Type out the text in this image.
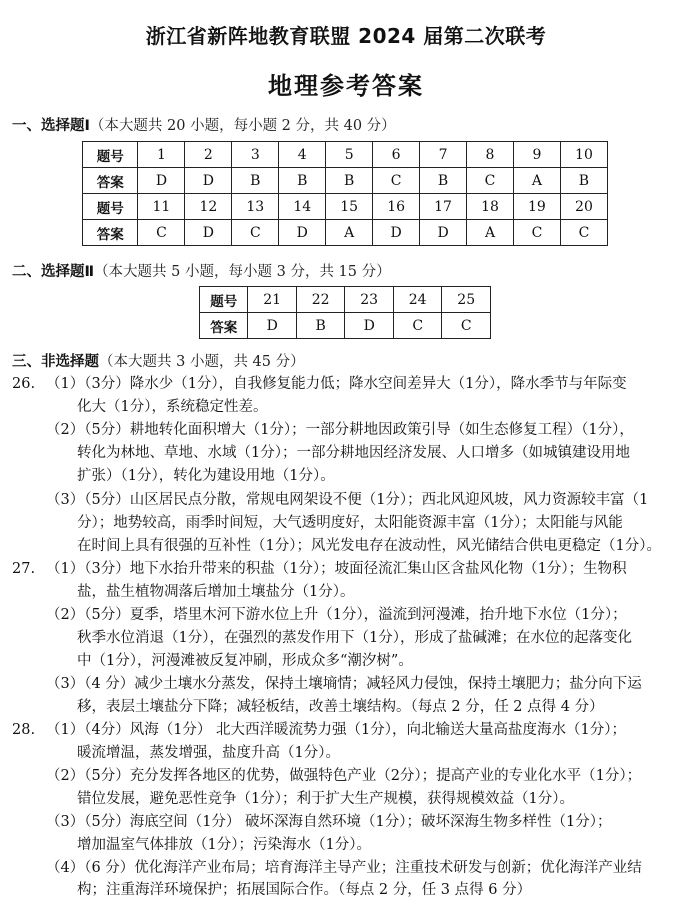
浙江省新阵地教育联盟 2024 届第二次联考
地理参考答案
一、选择题Ⅰ（本大题共 20 小题，每小题 2 分，共 40 分）
题号	1	2	3	4	5	6	7	8	9	10
答案	D	D	B	B	B	C	B	C	A	B
题号	11	12	13	14	15	16	17	18	19	20
答案	C	D	C	D	A	D	D	A	C	C
二、选择题Ⅱ（本大题共 5 小题，每小题 3 分，共 15 分）
题号	21	22	23	24	25
答案	D	B	D	C	C
三、非选择题（本大题共 3 小题，共 45 分）
26. （1）（3分）降水少（1分），自我修复能力低；降水空间差异大（1分），降水季节与年际变
化大（1分），系统稳定性差。
（2）（5分）耕地转化面积增大（1分）；一部分耕地因政策引导（如生态修复工程）（1分），
转化为林地、草地、水域（1分）；一部分耕地因经济发展、人口增多（如城镇建设用地
扩张）（1分），转化为建设用地（1分）。
（3）（5分）山区居民点分散，常规电网架设不便（1分）；西北风迎风坡，风力资源较丰富（1
分）；地势较高，雨季时间短，大气透明度好，太阳能资源丰富（1分）；太阳能与风能
在时间上具有很强的互补性（1分）；风光发电存在波动性，风光储结合供电更稳定（1分）。
27. （1）（3分）地下水抬升带来的积盐（1分）；坡面径流汇集山区含盐风化物（1分）；生物积
盐，盐生植物凋落后增加土壤盐分（1分）。
（2）（5分）夏季，塔里木河下游水位上升（1分），溢流到河漫滩，抬升地下水位（1分）；
秋季水位消退（1分），在强烈的蒸发作用下（1分），形成了盐碱滩；在水位的起落变化
中（1分），河漫滩被反复冲刷，形成众多“潮汐树”。
（3）（4 分）减少土壤水分蒸发，保持土壤墒情；减轻风力侵蚀，保持土壤肥力；盐分向下运
移，表层土壤盐分下降；减轻板结，改善土壤结构。（每点 2 分，任 2 点得 4 分）
28. （1）（4分）风海（1分） 北大西洋暖流势力强（1分），向北输送大量高盐度海水（1分）；
暖流增温，蒸发增强，盐度升高（1分）。
（2）（5分）充分发挥各地区的优势，做强特色产业（2分）；提高产业的专业化水平（1分）；
错位发展，避免恶性竞争（1分）；利于扩大生产规模，获得规模效益（1分）。
（3）（5分）海底空间（1分） 破坏深海自然环境（1分）；破坏深海生物多样性（1分）；
增加温室气体排放（1分）；污染海水（1分）。
（4）（6 分）优化海洋产业布局；培育海洋主导产业；注重技术研发与创新；优化海洋产业结
构；注重海洋环境保护；拓展国际合作。（每点 2 分，任 3 点得 6 分）
